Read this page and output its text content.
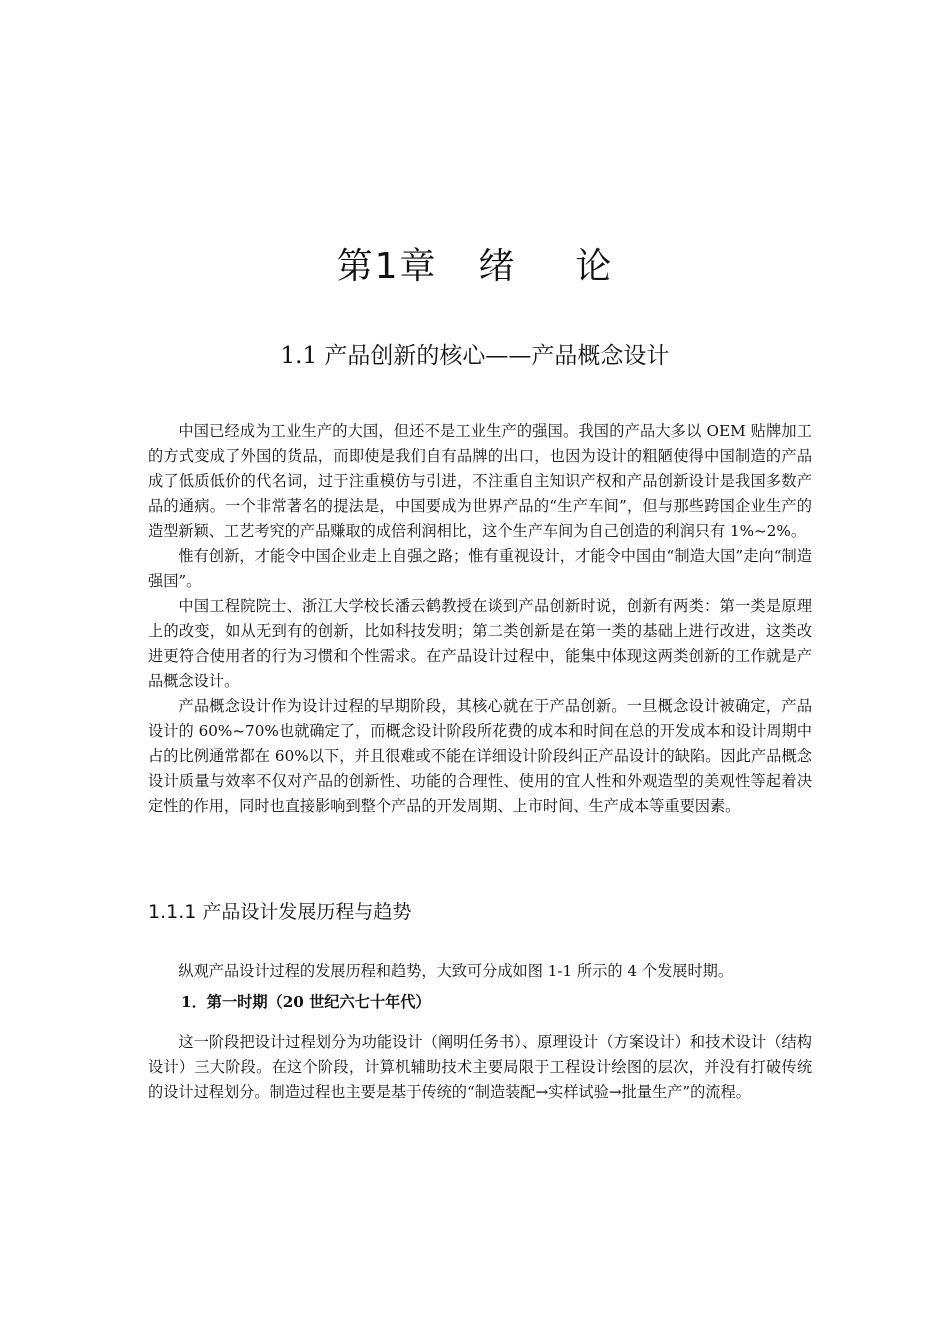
第1章 绪 论
1.1 产品创新的核心——产品概念设计

中国已经成为工业生产的大国，但还不是工业生产的强国。我国的产品大多以 OEM 贴牌加工的方式变成了外国的货品，而即使是我们自有品牌的出口，也因为设计的粗陋使得中国制造的产品成了低质低价的代名词，过于注重模仿与引进，不注重自主知识产权和产品创新设计是我国多数产品的通病。一个非常著名的提法是，中国要成为世界产品的“生产车间”，但与那些跨国企业生产的造型新颖、工艺考究的产品赚取的成倍利润相比，这个生产车间为自己创造的利润只有 1%~2%。

惟有创新，才能令中国企业走上自强之路；惟有重视设计，才能令中国由“制造大国”走向“制造强国”。

中国工程院院士、浙江大学校长潘云鹤教授在谈到产品创新时说，创新有两类：第一类是原理上的改变，如从无到有的创新，比如科技发明；第二类创新是在第一类的基础上进行改进，这类改进更符合使用者的行为习惯和个性需求。在产品设计过程中，能集中体现这两类创新的工作就是产品概念设计。

产品概念设计作为设计过程的早期阶段，其核心就在于产品创新。一旦概念设计被确定，产品设计的 60%~70%也就确定了，而概念设计阶段所花费的成本和时间在总的开发成本和设计周期中占的比例通常都在 60%以下，并且很难或不能在详细设计阶段纠正产品设计的缺陷。因此产品概念设计质量与效率不仅对产品的创新性、功能的合理性、使用的宜人性和外观造型的美观性等起着决定性的作用，同时也直接影响到整个产品的开发周期、上市时间、生产成本等重要因素。

1.1.1 产品设计发展历程与趋势

纵观产品设计过程的发展历程和趋势，大致可分成如图 1-1 所示的 4 个发展时期。

1．第一时期（20 世纪六七十年代）

这一阶段把设计过程划分为功能设计（阐明任务书）、原理设计（方案设计）和技术设计（结构设计）三大阶段。在这个阶段，计算机辅助技术主要局限于工程设计绘图的层次，并没有打破传统的设计过程划分。制造过程也主要是基于传统的“制造装配→实样试验→批量生产”的流程。
